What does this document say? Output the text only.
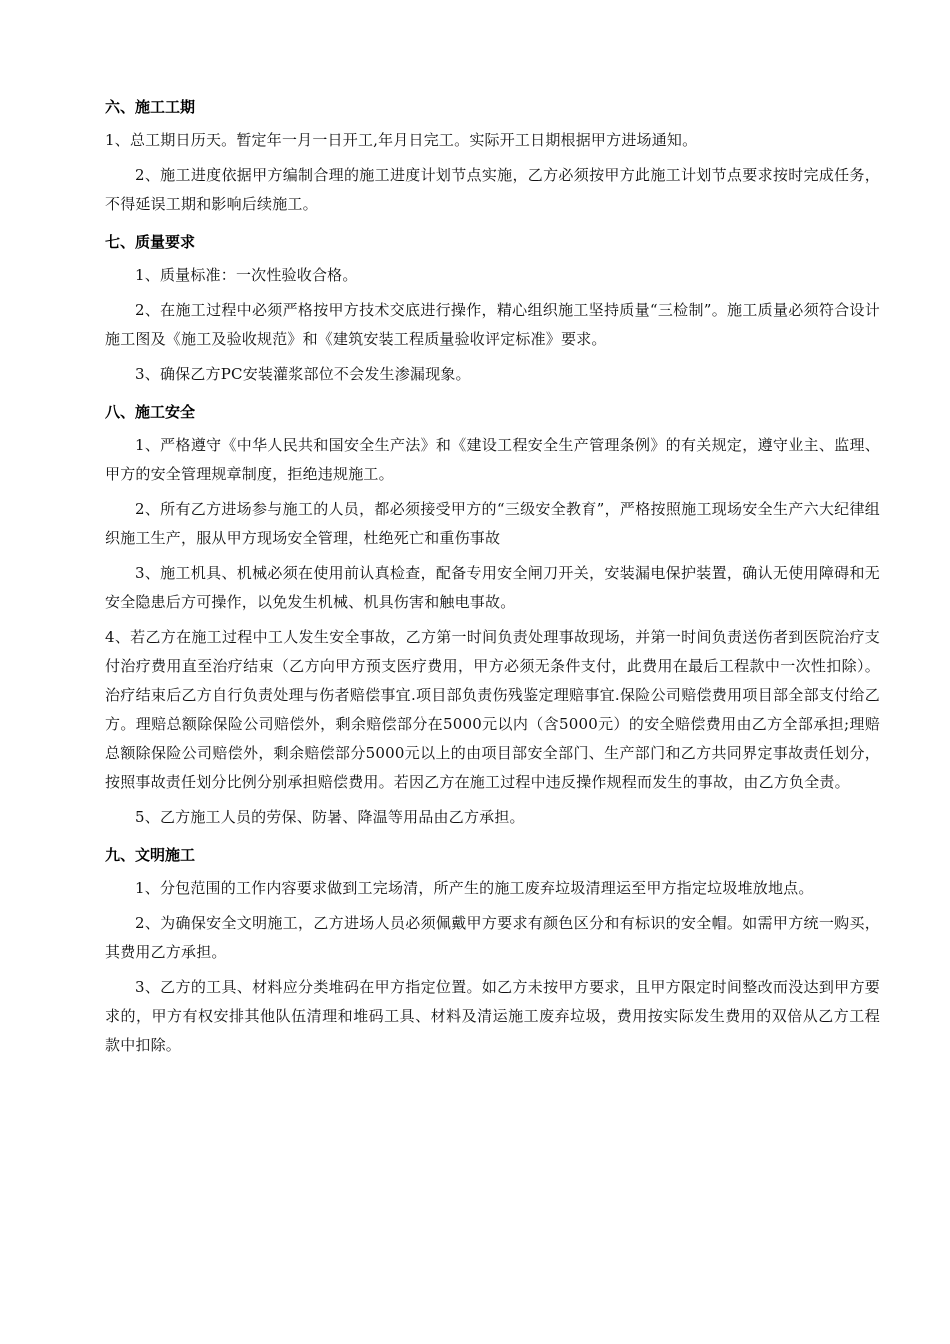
六、施工工期

1、总工期日历天。暂定年一月一日开工,年月日完工。实际开工日期根据甲方进场通知。

2、施工进度依据甲方编制合理的施工进度计划节点实施，乙方必须按甲方此施工计划节点要求按时完成任务，不得延误工期和影响后续施工。

七、质量要求

1、质量标准：一次性验收合格。

2、在施工过程中必须严格按甲方技术交底进行操作，精心组织施工坚持质量“三检制”。施工质量必须符合设计施工图及《施工及验收规范》和《建筑安装工程质量验收评定标准》要求。

3、确保乙方PC安装灌浆部位不会发生渗漏现象。

八、施工安全

1、严格遵守《中华人民共和国安全生产法》和《建设工程安全生产管理条例》的有关规定，遵守业主、监理、甲方的安全管理规章制度，拒绝违规施工。

2、所有乙方进场参与施工的人员，都必须接受甲方的“三级安全教育”，严格按照施工现场安全生产六大纪律组织施工生产，服从甲方现场安全管理，杜绝死亡和重伤事故

3、施工机具、机械必须在使用前认真检查，配备专用安全闸刀开关，安装漏电保护装置，确认无使用障碍和无安全隐患后方可操作，以免发生机械、机具伤害和触电事故。

4、若乙方在施工过程中工人发生安全事故，乙方第一时间负责处理事故现场，并第一时间负责送伤者到医院治疗支付治疗费用直至治疗结束（乙方向甲方预支医疗费用，甲方必须无条件支付，此费用在最后工程款中一次性扣除）。治疗结束后乙方自行负责处理与伤者赔偿事宜.项目部负责伤残鉴定理赔事宜.保险公司赔偿费用项目部全部支付给乙方。理赔总额除保险公司赔偿外，剩余赔偿部分在5000元以内（含5000元）的安全赔偿费用由乙方全部承担;理赔总额除保险公司赔偿外，剩余赔偿部分5000元以上的由项目部安全部门、生产部门和乙方共同界定事故责任划分，按照事故责任划分比例分别承担赔偿费用。若因乙方在施工过程中违反操作规程而发生的事故，由乙方负全责。

5、乙方施工人员的劳保、防暑、降温等用品由乙方承担。

九、文明施工

1、分包范围的工作内容要求做到工完场清，所产生的施工废弃垃圾清理运至甲方指定垃圾堆放地点。

2、为确保安全文明施工，乙方进场人员必须佩戴甲方要求有颜色区分和有标识的安全帽。如需甲方统一购买，其费用乙方承担。

3、乙方的工具、材料应分类堆码在甲方指定位置。如乙方未按甲方要求，且甲方限定时间整改而没达到甲方要求的，甲方有权安排其他队伍清理和堆码工具、材料及清运施工废弃垃圾，费用按实际发生费用的双倍从乙方工程款中扣除。
